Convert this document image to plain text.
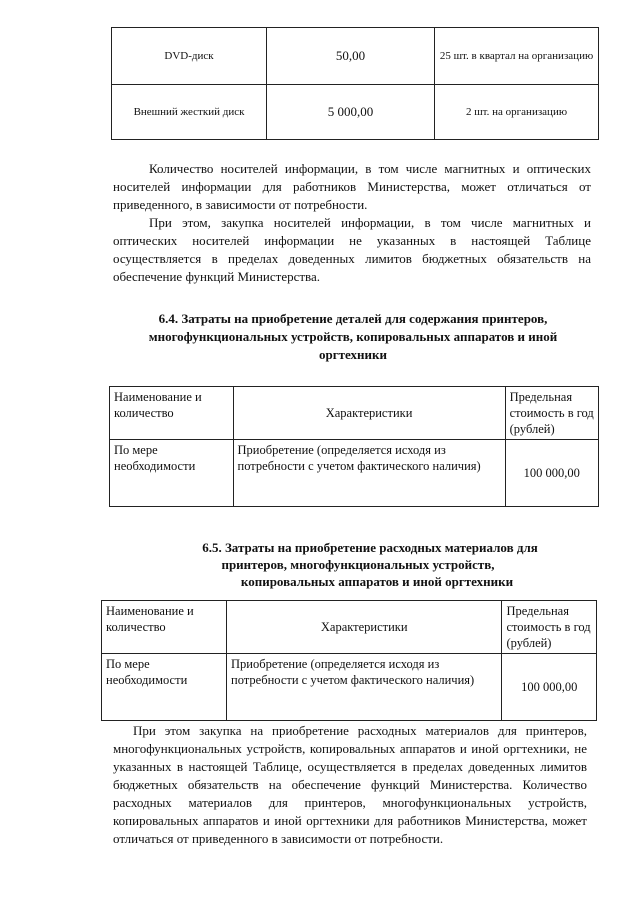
DVD-диск	50,00	25 шт. в квартал на организацию
Внешний жесткий диск	5 000,00	2 шт. на организацию

Количество носителей информации, в том числе магнитных и оптических носителей информации для работников Министерства, может отличаться от приведенного, в зависимости от потребности.

При этом, закупка носителей информации, в том числе магнитных и оптических носителей информации не указанных в настоящей Таблице осуществляется в пределах доведенных лимитов бюджетных обязательств на обеспечение функций Министерства.

6.4. Затраты на приобретение деталей для содержания принтеров, многофункциональных устройств, копировальных аппаратов и иной оргтехники

Наименование и количество	Характеристики	Предельная стоимость в год (рублей)
По мере необходимости	Приобретение (определяется исходя из потребности с учетом фактического наличия)	100 000,00

6.5. Затраты на приобретение расходных материалов для

принтеров, многофункциональных устройств,

копировальных аппаратов и иной оргтехники

Наименование и количество	Характеристики	Предельная стоимость в год (рублей)
По мере необходимости	Приобретение (определяется исходя из потребности с учетом фактического наличия)	100 000,00

При этом закупка на приобретение расходных материалов для принтеров, многофункциональных устройств, копировальных аппаратов и иной оргтехники, не указанных в настоящей Таблице, осуществляется в пределах доведенных лимитов бюджетных обязательств на обеспечение функций Министерства. Количество расходных материалов для принтеров, многофункциональных устройств, копировальных аппаратов и иной оргтехники для работников Министерства, может отличаться от приведенного в зависимости от потребности.
